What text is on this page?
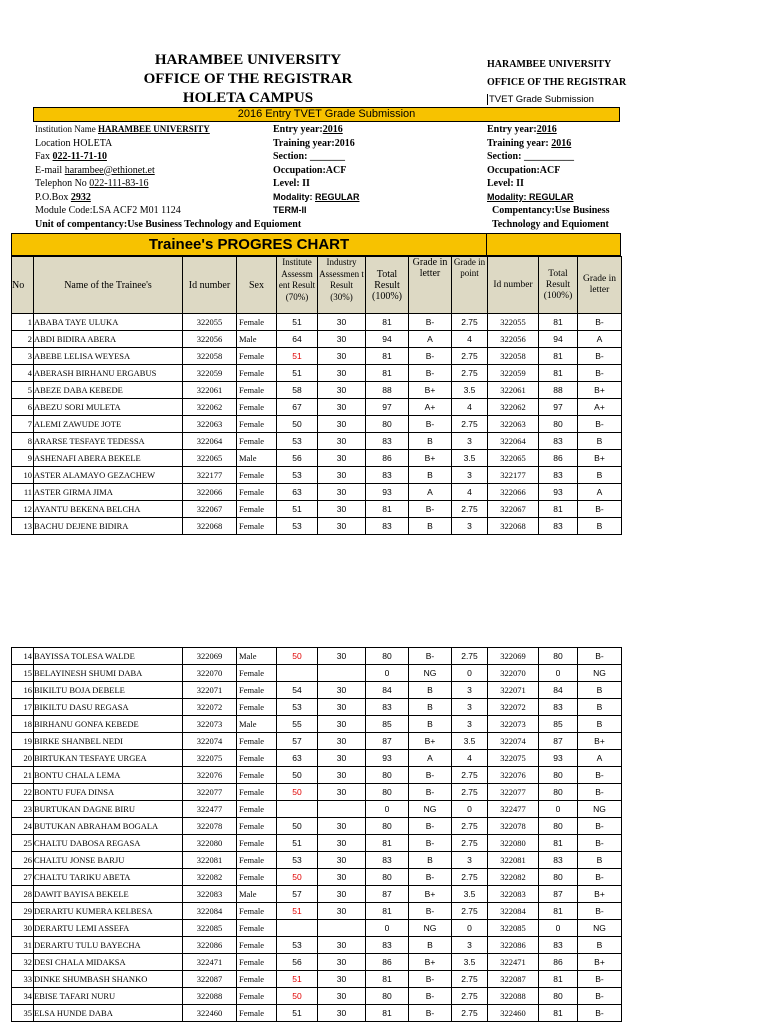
HARAMBEE UNIVERSITY
OFFICE OF THE REGISTRAR
HOLETA CAMPUS
HARAMBEE UNIVERSITY
OFFICE OF THE REGISTRAR
TVET Grade Submission
2016 Entry TVET Grade Submission
Institution Name HARAMBEE UNIVERSITY
Location HOLETA
Fax 022-11-71-10
E-mail harambee@ethionet.et
Telephon No 022-111-83-16
P.O.Box 2932
Module Code:LSA ACF2 M01 1124
Unit of compentancy:Use Business Technology and Equioment
Entry year:2016
Training year:2016
Section: _______
Occupation:ACF
Level: II
Modality: REGULAR
TERM-II
Entry year:2016
Training year: 2016
Section: __________
Occupation:ACF
Level: II
Modality: REGULAR
Compentancy:Use Business
Technology and Equioment
Trainee's PROGRES CHART
No	Name of the Trainee's	Id number	Sex	Institute Assessm ent Result (70%)	Industry Assessmen t Result (30%)	Total Result (100%)	Grade in letter	Grade in point	Id number	Total Result (100%)	Grade in letter
1	ABABA TAYE ULUKA	322055	Female	51	30	81	B-	2.75	322055	81	B-
2	ABDI BIDIRA ABERA	322056	Male	64	30	94	A	4	322056	94	A
3	ABEBE LELISA WEYESA	322058	Female	51	30	81	B-	2.75	322058	81	B-
4	ABERASH BIRHANU ERGABUS	322059	Female	51	30	81	B-	2.75	322059	81	B-
5	ABEZE DABA KEBEDE	322061	Female	58	30	88	B+	3.5	322061	88	B+
6	ABEZU SORI MULETA	322062	Female	67	30	97	A+	4	322062	97	A+
7	ALEMI ZAWUDE JOTE	322063	Female	50	30	80	B-	2.75	322063	80	B-
8	ARARSE TESFAYE TEDESSA	322064	Female	53	30	83	B	3	322064	83	B
9	ASHENAFI ABERA BEKELE	322065	Male	56	30	86	B+	3.5	322065	86	B+
10	ASTER ALAMAYO GEZACHEW	322177	Female	53	30	83	B	3	322177	83	B
11	ASTER GIRMA JIMA	322066	Female	63	30	93	A	4	322066	93	A
12	AYANTU BEKENA BELCHA	322067	Female	51	30	81	B-	2.75	322067	81	B-
13	BACHU DEJENE BIDIRA	322068	Female	53	30	83	B	3	322068	83	B
14	BAYISSA TOLESA WALDE	322069	Male	50	30	80	B-	2.75	322069	80	B-
15	BELAYINESH SHUMI DABA	322070	Female			0	NG	0	322070	0	NG
16	BIKILTU BOJA DEBELE	322071	Female	54	30	84	B	3	322071	84	B
17	BIKILTU DASU REGASA	322072	Female	53	30	83	B	3	322072	83	B
18	BIRHANU GONFA KEBEDE	322073	Male	55	30	85	B	3	322073	85	B
19	BIRKE SHANBEL NEDI	322074	Female	57	30	87	B+	3.5	322074	87	B+
20	BIRTUKAN TESFAYE URGEA	322075	Female	63	30	93	A	4	322075	93	A
21	BONTU CHALA LEMA	322076	Female	50	30	80	B-	2.75	322076	80	B-
22	BONTU FUFA DINSA	322077	Female	50	30	80	B-	2.75	322077	80	B-
23	BURTUKAN DAGNE BIRU	322477	Female			0	NG	0	322477	0	NG
24	BUTUKAN ABRAHAM BOGALA	322078	Female	50	30	80	B-	2.75	322078	80	B-
25	CHALTU DABOSA REGASA	322080	Female	51	30	81	B-	2.75	322080	81	B-
26	CHALTU JONSE BARJU	322081	Female	53	30	83	B	3	322081	83	B
27	CHALTU TARIKU ABETA	322082	Female	50	30	80	B-	2.75	322082	80	B-
28	DAWIT BAYISA BEKELE	322083	Male	57	30	87	B+	3.5	322083	87	B+
29	DERARTU KUMERA KELBESA	322084	Female	51	30	81	B-	2.75	322084	81	B-
30	DERARTU LEMI ASSEFA	322085	Female			0	NG	0	322085	0	NG
31	DERARTU TULU BAYECHA	322086	Female	53	30	83	B	3	322086	83	B
32	DESI CHALA MIDAKSA	322471	Female	56	30	86	B+	3.5	322471	86	B+
33	DINKE SHUMBASH SHANKO	322087	Female	51	30	81	B-	2.75	322087	81	B-
34	EBISE TAFARI NURU	322088	Female	50	30	80	B-	2.75	322088	80	B-
35	ELSA HUNDE DABA	322460	Female	51	30	81	B-	2.75	322460	81	B-
